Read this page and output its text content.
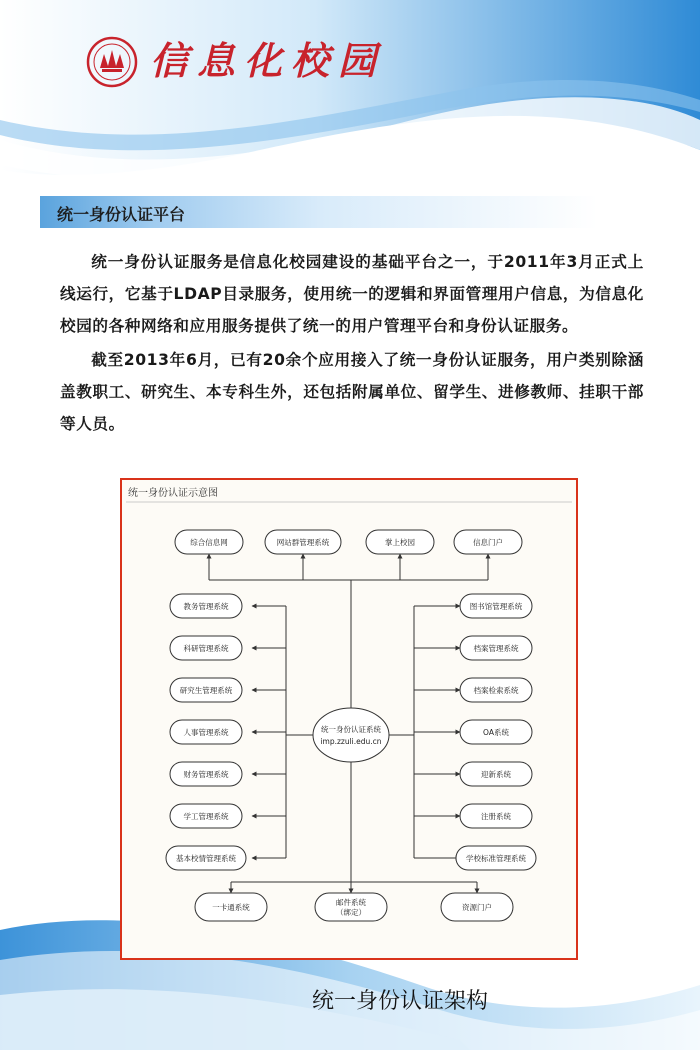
信息化校园
统一身份认证平台

统一身份认证服务是信息化校园建设的基础平台之一，于2011年3月正式上线运行，它基于LDAP目录服务，使用统一的逻辑和界面管理用户信息，为信息化校园的各种网络和应用服务提供了统一的用户管理平台和身份认证服务。

截至2013年6月，已有20余个应用接入了统一身份认证服务，用户类别除涵盖教职工、研究生、本专科生外，还包括附属单位、留学生、进修教师、挂职干部等人员。

统一身份认证示意图
综合信息网	网站群管理系统	掌上校园	信息门户
教务管理系统
科研管理系统
研究生管理系统
人事管理系统
财务管理系统
学工管理系统
基本校情管理系统
图书馆管理系统
档案管理系统
档案检索系统
OA系统
迎新系统
注册系统
学校标准管理系统
一卡通系统
邮件系统
（绑定）
资源门户
统一身份认证系统
imp.zzuli.edu.cn
统一身份认证架构
